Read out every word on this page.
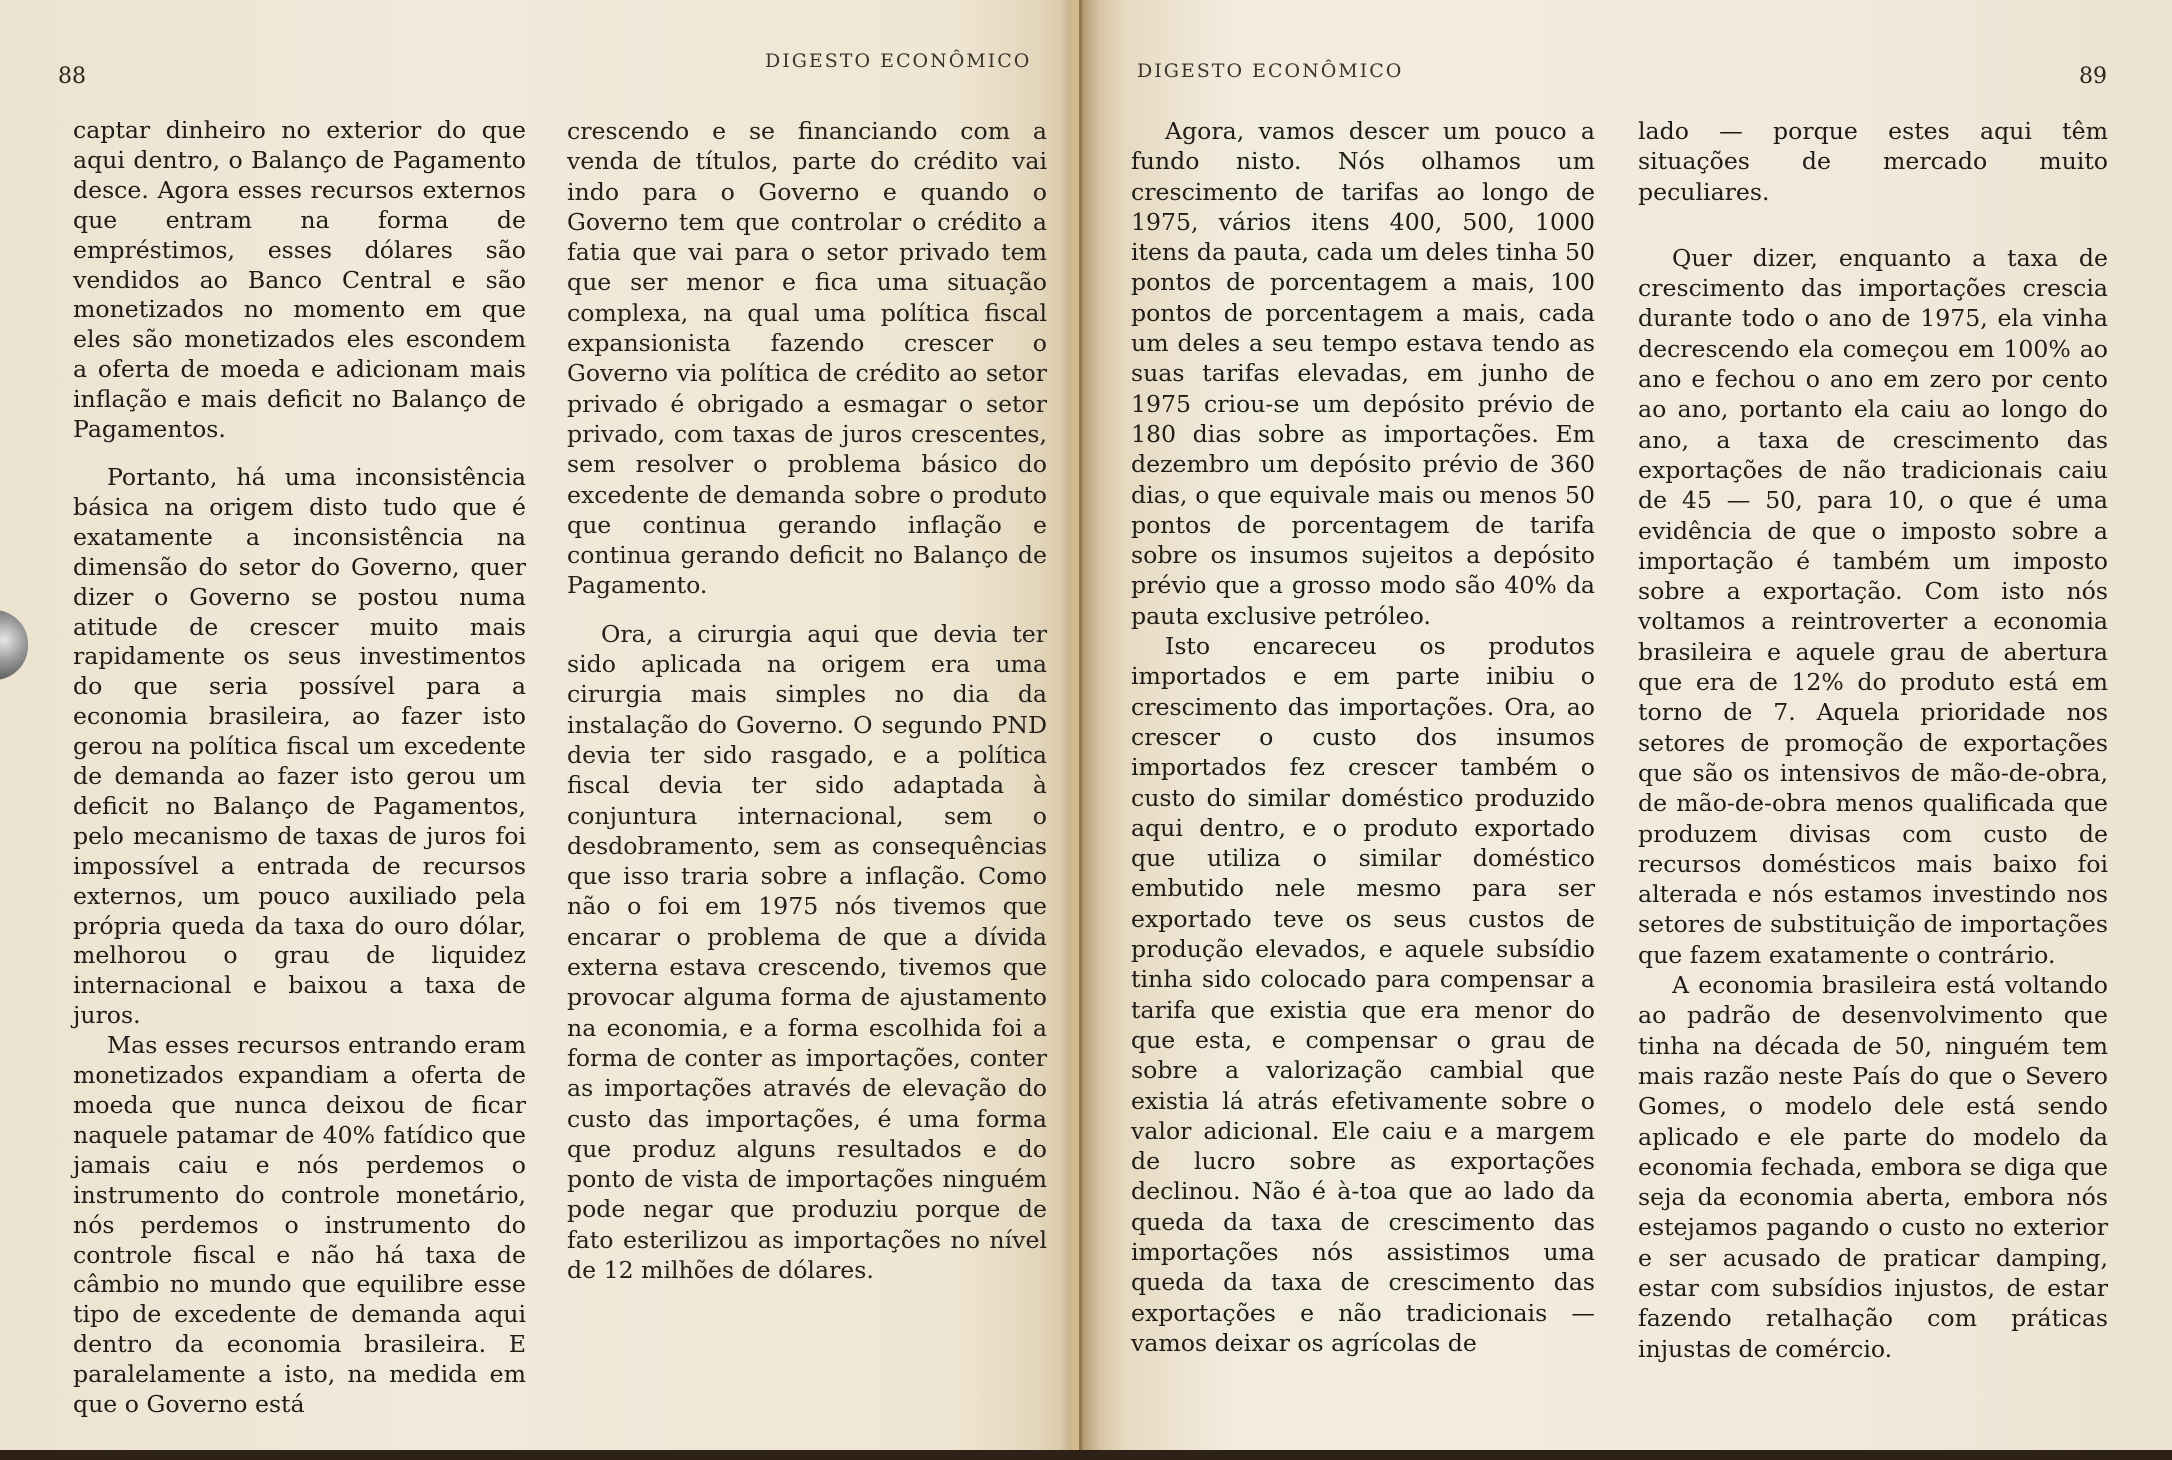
88
DIGESTO ECONÔMICO

captar dinheiro no exterior do que aqui dentro, o Balanço de Pagamento desce. Agora esses recursos externos que entram na forma de empréstimos, esses dólares são vendidos ao Banco Central e são monetizados no momento em que eles são monetizados eles escondem a oferta de moeda e adicionam mais inflação e mais deficit no Balanço de Pagamentos.

Portanto, há uma inconsistência básica na origem disto tudo que é exatamente a inconsistência na dimensão do setor do Governo, quer dizer o Governo se postou numa atitude de crescer muito mais rapidamente os seus investimentos do que seria possível para a economia brasileira, ao fazer isto gerou na política fiscal um excedente de demanda ao fazer isto gerou um deficit no Balanço de Pagamentos, pelo mecanismo de taxas de juros foi impossível a entrada de recursos externos, um pouco auxiliado pela própria queda da taxa do ouro dólar, melhorou o grau de liquidez internacional e baixou a taxa de juros.

Mas esses recursos entrando eram monetizados expandiam a oferta de moeda que nunca deixou de ficar naquele patamar de 40% fatídico que jamais caiu e nós perdemos o instrumento do controle monetário, nós perdemos o instrumento do controle fiscal e não há taxa de câmbio no mundo que equilibre esse tipo de excedente de demanda aqui dentro da economia brasileira. E paralelamente a isto, na medida em que o Governo está

crescendo e se financiando com a venda de títulos, parte do crédito vai indo para o Governo e quando o Governo tem que controlar o crédito a fatia que vai para o setor privado tem que ser menor e fica uma situação complexa, na qual uma política fiscal expansionista fazendo crescer o Governo via política de crédito ao setor privado é obrigado a esmagar o setor privado, com taxas de juros crescentes, sem resolver o problema básico do excedente de demanda sobre o produto que continua gerando inflação e continua gerando deficit no Balanço de Pagamento.

Ora, a cirurgia aqui que devia ter sido aplicada na origem era uma cirurgia mais simples no dia da instalação do Governo. O segundo PND devia ter sido rasgado, e a política fiscal devia ter sido adaptada à conjuntura internacional, sem o desdobramento, sem as consequências que isso traria sobre a inflação. Como não o foi em 1975 nós tivemos que encarar o problema de que a dívida externa estava crescendo, tivemos que provocar alguma forma de ajustamento na economia, e a forma escolhida foi a forma de conter as importações, conter as importações através de elevação do custo das importações, é uma forma que produz alguns resultados e do ponto de vista de importações ninguém pode negar que produziu porque de fato esterilizou as importações no nível de 12 milhões de dólares.

DIGESTO ECONÔMICO	89

Agora, vamos descer um pouco a fundo nisto. Nós olhamos um crescimento de tarifas ao longo de 1975, vários itens 400, 500, 1000 itens da pauta, cada um deles tinha 50 pontos de porcentagem a mais, 100 pontos de porcentagem a mais, cada um deles a seu tempo estava tendo as suas tarifas elevadas, em junho de 1975 criou-se um depósito prévio de 180 dias sobre as importações. Em dezembro um depósito prévio de 360 dias, o que equivale mais ou menos 50 pontos de porcentagem de tarifa sobre os insumos sujeitos a depósito prévio que a grosso modo são 40% da pauta exclusive petróleo.

Isto encareceu os produtos importados e em parte inibiu o crescimento das importações. Ora, ao crescer o custo dos insumos importados fez crescer também o custo do similar doméstico produzido aqui dentro, e o produto exportado que utiliza o similar doméstico embutido nele mesmo para ser exportado teve os seus custos de produção elevados, e aquele subsídio tinha sido colocado para compensar a tarifa que existia que era menor do que esta, e compensar o grau de sobre a valorização cambial que existia lá atrás efetivamente sobre o valor adicional. Ele caiu e a margem de lucro sobre as exportações declinou. Não é à-toa que ao lado da queda da taxa de crescimento das importações nós assistimos uma queda da taxa de crescimento das exportações e não tradicionais — vamos deixar os agrícolas de

lado — porque estes aqui têm situações de mercado muito peculiares.

Quer dizer, enquanto a taxa de crescimento das importações crescia durante todo o ano de 1975, ela vinha decrescendo ela começou em 100% ao ano e fechou o ano em zero por cento ao ano, portanto ela caiu ao longo do ano, a taxa de crescimento das exportações de não tradicionais caiu de 45 — 50, para 10, o que é uma evidência de que o imposto sobre a importação é também um imposto sobre a exportação. Com isto nós voltamos a reintroverter a economia brasileira e aquele grau de abertura que era de 12% do produto está em torno de 7. Aquela prioridade nos setores de promoção de exportações que são os intensivos de mão-de-obra, de mão-de-obra menos qualificada que produzem divisas com custo de recursos domésticos mais baixo foi alterada e nós estamos investindo nos setores de substituição de importações que fazem exatamente o contrário.

A economia brasileira está voltando ao padrão de desenvolvimento que tinha na década de 50, ninguém tem mais razão neste País do que o Severo Gomes, o modelo dele está sendo aplicado e ele parte do modelo da economia fechada, embora se diga que seja da economia aberta, embora nós estejamos pagando o custo no exterior e ser acusado de praticar damping, estar com subsídios injustos, de estar fazendo retalhação com práticas injustas de comércio.
